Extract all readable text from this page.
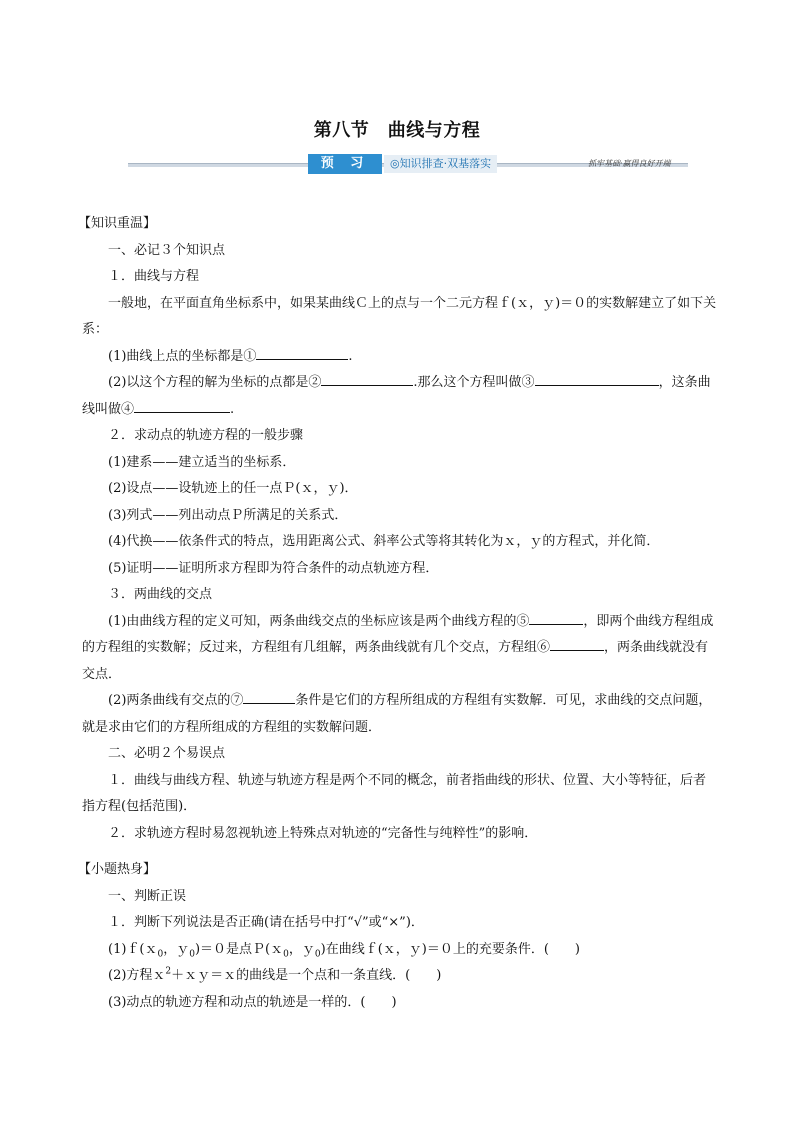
第八节　曲线与方程
预 习	◎知识排查·双基落实	抓牢基础·赢得良好开端

【知识重温】

一、必记３个知识点

１．曲线与方程

一般地，在平面直角坐标系中，如果某曲线Ｃ上的点与一个二元方程ｆ(ｘ，ｙ)＝０的实数解建立了如下关系：

(1)曲线上点的坐标都是①	.

(2)以这个方程的解为坐标的点都是②	.那么这个方程叫做③	，这条曲线叫做④	.

２．求动点的轨迹方程的一般步骤

(1)建系——建立适当的坐标系．

(2)设点——设轨迹上的任一点Ｐ(ｘ，ｙ)．

(3)列式——列出动点Ｐ所满足的关系式．

(4)代换——依条件式的特点，选用距离公式、斜率公式等将其转化为ｘ，ｙ的方程式，并化简．

(5)证明——证明所求方程即为符合条件的动点轨迹方程．

３．两曲线的交点

(1)由曲线方程的定义可知，两条曲线交点的坐标应该是两个曲线方程的⑤	，即两个曲线方程组成的方程组的实数解；反过来，方程组有几组解，两条曲线就有几个交点，方程组⑥	，两条曲线就没有交点．

(2)两条曲线有交点的⑦	条件是它们的方程所组成的方程组有实数解．可见，求曲线的交点问题，就是求由它们的方程所组成的方程组的实数解问题．

二、必明２个易误点

１．曲线与曲线方程、轨迹与轨迹方程是两个不同的概念，前者指曲线的形状、位置、大小等特征，后者指方程(包括范围)．

２．求轨迹方程时易忽视轨迹上特殊点对轨迹的“完备性与纯粹性”的影响．

【小题热身】

一、判断正误

１．判断下列说法是否正确(请在括号中打“√”或“×”)．

(1)ｆ(ｘ$_0$，ｙ$_0$)＝０是点Ｐ(ｘ$_0$，ｙ$_0$)在曲线ｆ(ｘ，ｙ)＝０上的充要条件．(　　)

(2)方程ｘ$^2$＋ｘｙ＝ｘ的曲线是一个点和一条直线．(　　)

(3)动点的轨迹方程和动点的轨迹是一样的．(　　)
